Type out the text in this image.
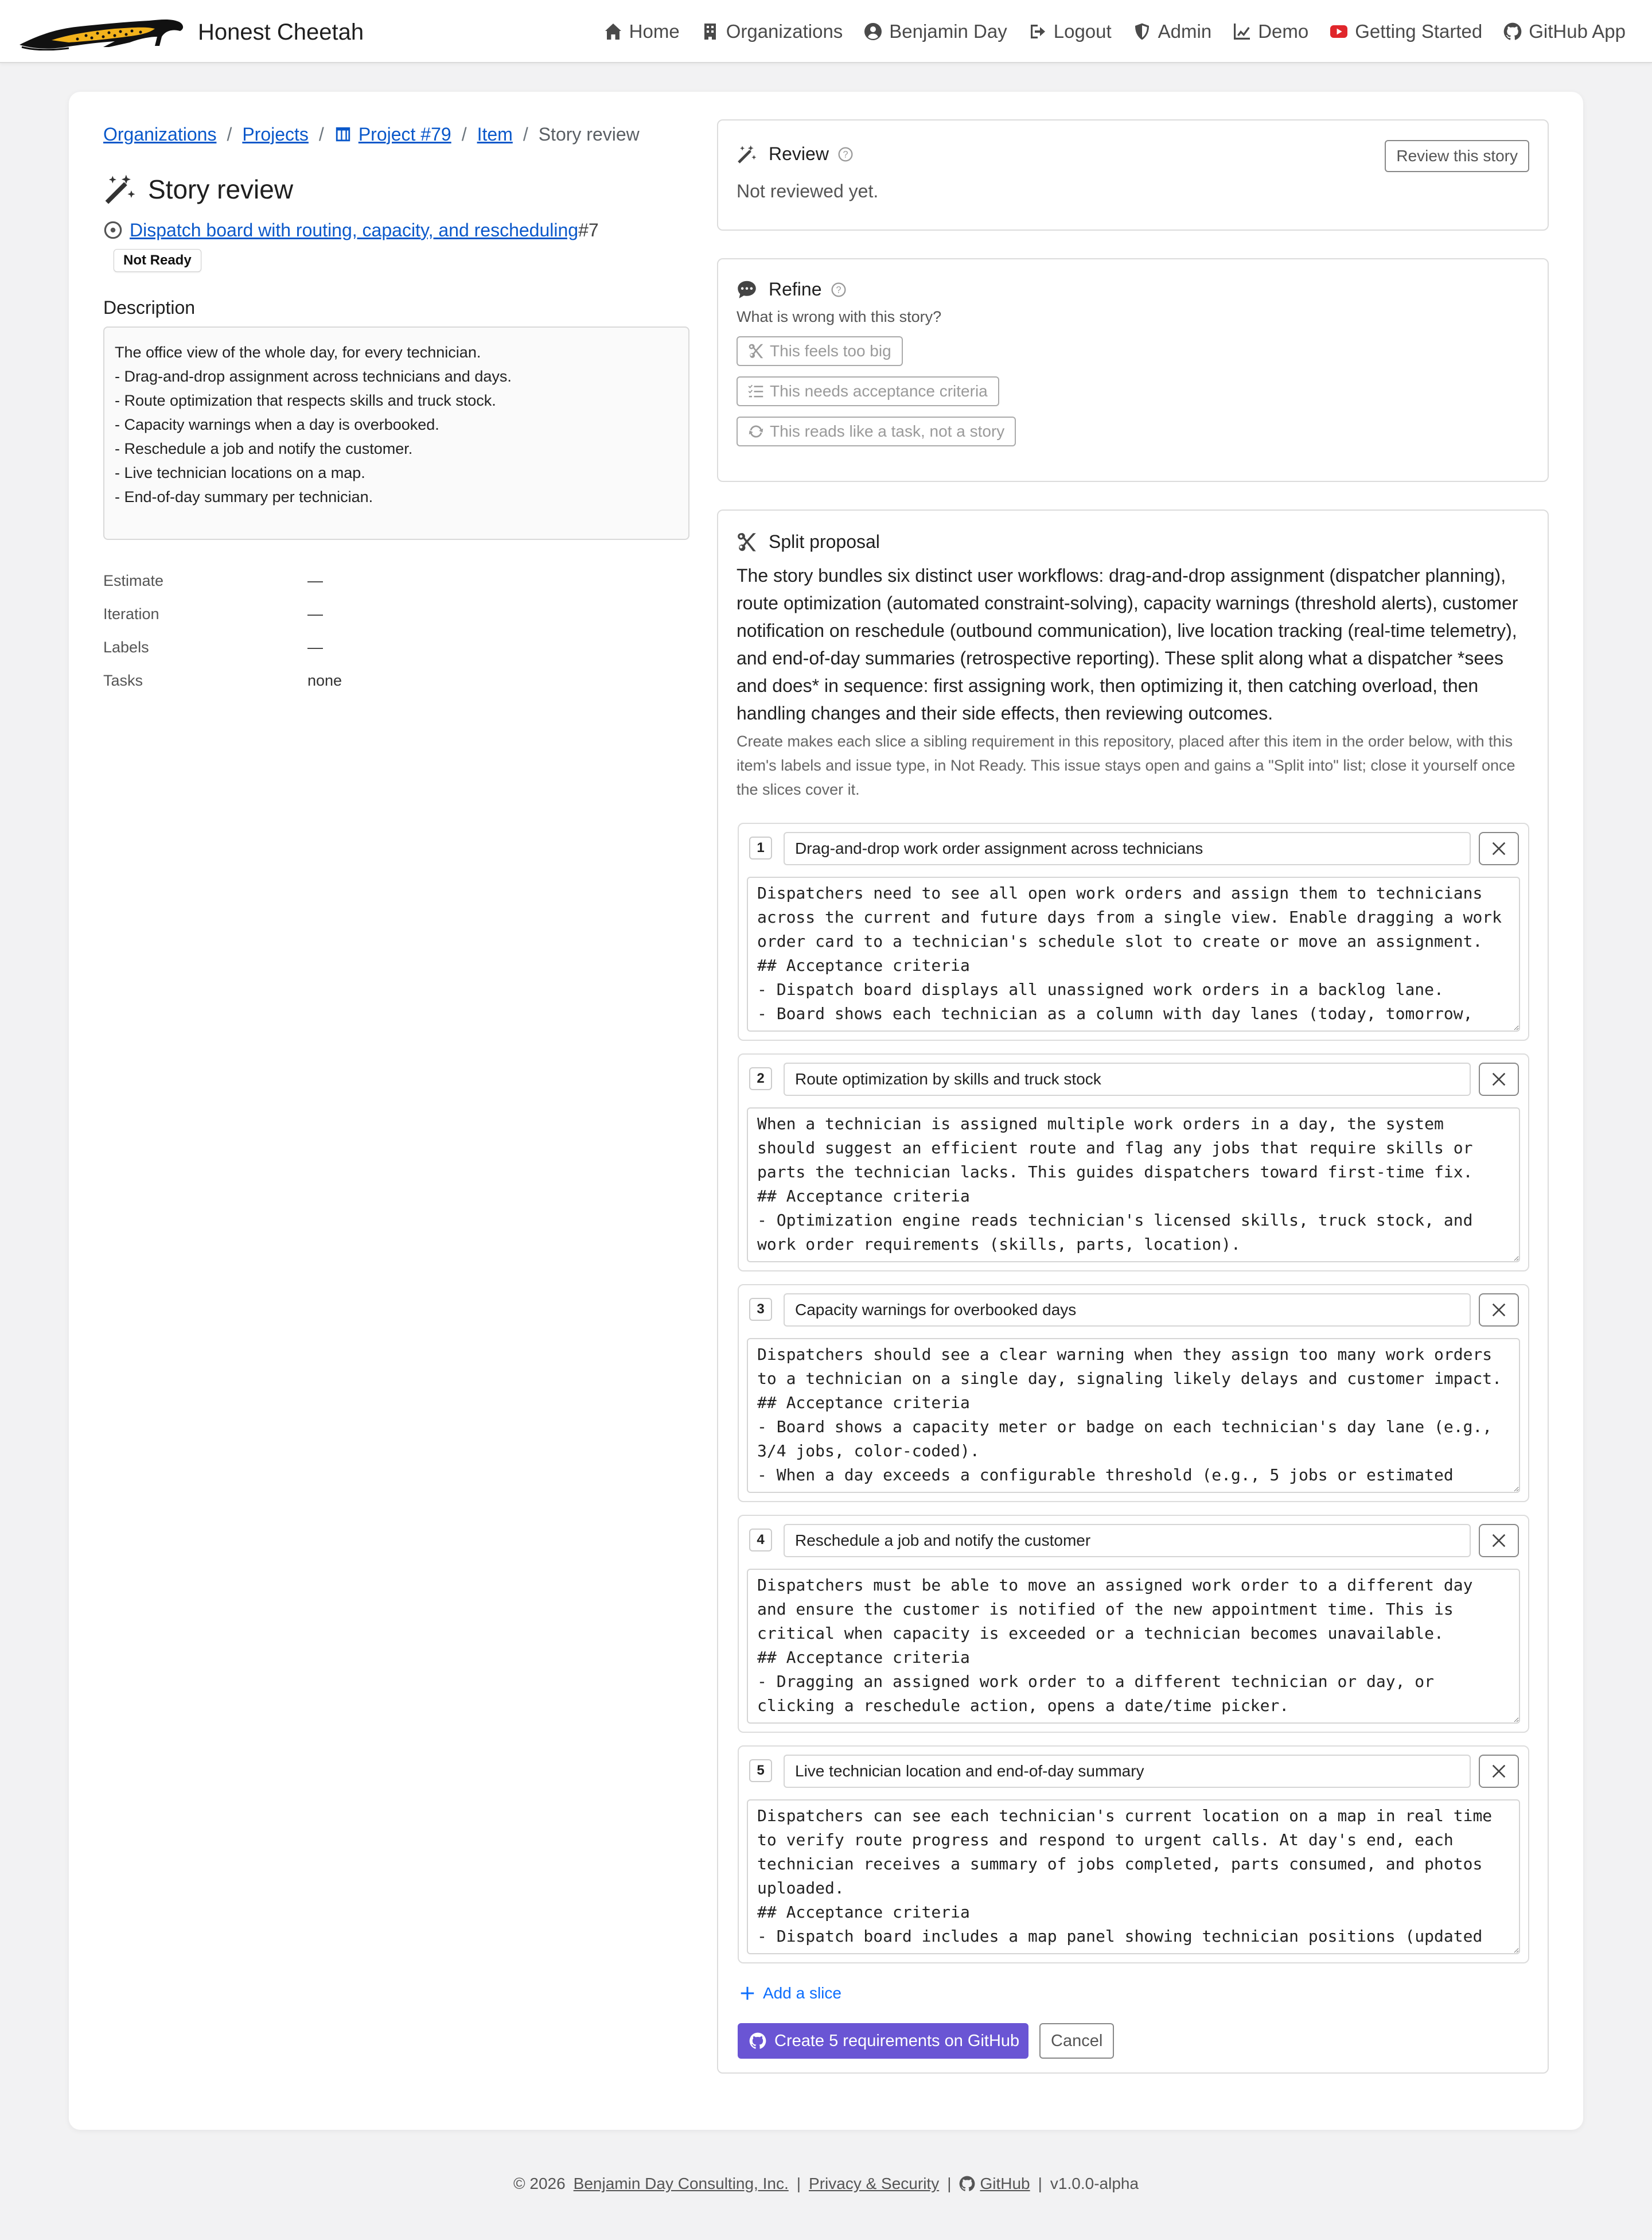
Honest Cheetah	Home Organizations Benjamin Day Logout Admin Demo Getting Started GitHub App
Organizations / Projects / Project #79 / Item / Story review
Story review
Dispatch board with routing, capacity, and rescheduling #7
Not Ready
Description
The office view of the whole day, for every technician.
- Drag-and-drop assignment across technicians and days.
- Route optimization that respects skills and truck stock.
- Capacity warnings when a day is overbooked.
- Reschedule a job and notify the customer.
- Live technician locations on a map.
- End-of-day summary per technician.
Estimate	—
Iteration	—
Labels	—
Tasks	none
Review ?	Review this story
Not reviewed yet.
Refine ?
What is wrong with this story?
This feels too big
This needs acceptance criteria
This reads like a task, not a story
Split proposal

The story bundles six distinct user workflows: drag-and-drop assignment (dispatcher planning), route optimization (automated constraint-solving), capacity warnings (threshold alerts), customer notification on reschedule (outbound communication), live location tracking (real-time telemetry), and end-of-day summaries (retrospective reporting). These split along what a dispatcher *sees and does* in sequence: first assigning work, then optimizing it, then catching overload, then handling changes and their side effects, then reviewing outcomes.

Create makes each slice a sibling requirement in this repository, placed after this item in the order below, with this item's labels and issue type, in Not Ready. This issue stays open and gains a "Split into" list; close it yourself once the slices cover it.

1
Drag-and-drop work order assignment across technicians
Dispatchers need to see all open work orders and assign them to technicians across the current and future days from a single view. Enable dragging a work order card to a technician's schedule slot to create or move an assignment. ## Acceptance criteria - Dispatch board displays all unassigned work orders in a backlog lane. - Board shows each technician as a column with day lanes (today, tomorrow, etc.).
2
Route optimization by skills and truck stock
When a technician is assigned multiple work orders in a day, the system should suggest an efficient route and flag any jobs that require skills or parts the technician lacks. This guides dispatchers toward first-time fix. ## Acceptance criteria - Optimization engine reads technician's licensed skills, truck stock, and work order requirements (skills, parts, location). - Suggested route is shown on the board.
3
Capacity warnings for overbooked days
Dispatchers should see a clear warning when they assign too many work orders to a technician on a single day, signaling likely delays and customer impact. ## Acceptance criteria - Board shows a capacity meter or badge on each technician's day lane (e.g., 3/4 jobs, color-coded). - When a day exceeds a configurable threshold (e.g., 5 jobs or estimated hours)
4
Reschedule a job and notify the customer
Dispatchers must be able to move an assigned work order to a different day and ensure the customer is notified of the new appointment time. This is critical when capacity is exceeded or a technician becomes unavailable. ## Acceptance criteria - Dragging an assigned work order to a different technician or day, or clicking a reschedule action, opens a date/time picker.
5
Live technician location and end-of-day summary
Dispatchers can see each technician's current location on a map in real time to verify route progress and respond to urgent calls. At day's end, each technician receives a summary of jobs completed, parts consumed, and photos uploaded. ## Acceptance criteria - Dispatch board includes a map panel showing technician positions (updated periodically).
Add a slice
Create 5 requirements on GitHub	Cancel
© 2026 Benjamin Day Consulting, Inc. | Privacy & Security | GitHub | v1.0.0-alpha
